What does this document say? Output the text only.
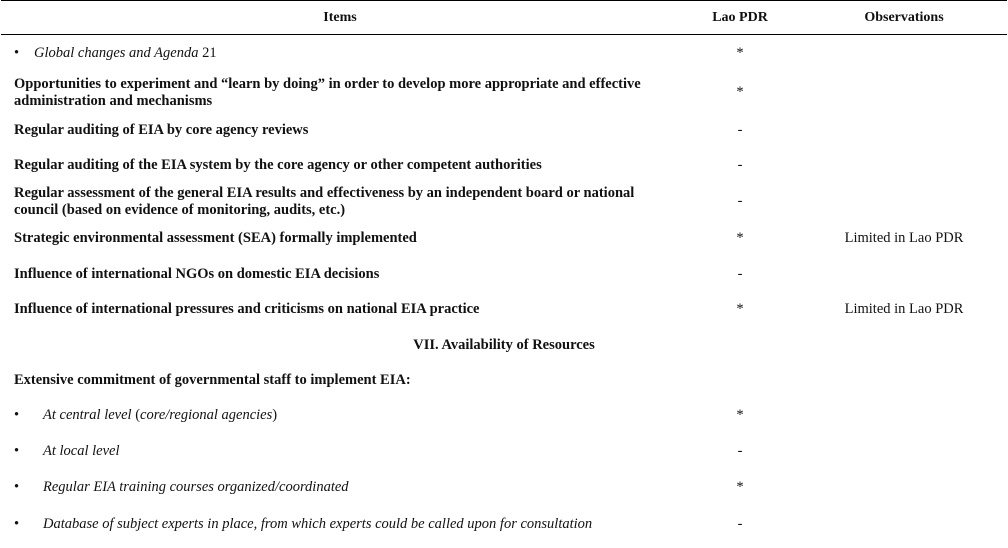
Items	Lao PDR	Observations

• Global changes and Agenda 21	*	
Opportunities to experiment and “learn by doing” in order to develop more appropriate and effective administration and mechanisms	*	
Regular auditing of EIA by core agency reviews	-	
Regular auditing of the EIA system by the core agency or other competent authorities	-	
Regular assessment of the general EIA results and effectiveness by an independent board or national council (based on evidence of monitoring, audits, etc.)	-	
Strategic environmental assessment (SEA) formally implemented	*	Limited in Lao PDR
Influence of international NGOs on domestic EIA decisions	-	
Influence of international pressures and criticisms on national EIA practice	*	Limited in Lao PDR
VII. Availability of Resources		
Extensive commitment of governmental staff to implement EIA:		

• At central level (core/regional agencies)	*	

• At local level	-	

• Regular EIA training courses organized/coordinated	*	

• Database of subject experts in place, from which experts could be called upon for consultation	-	
